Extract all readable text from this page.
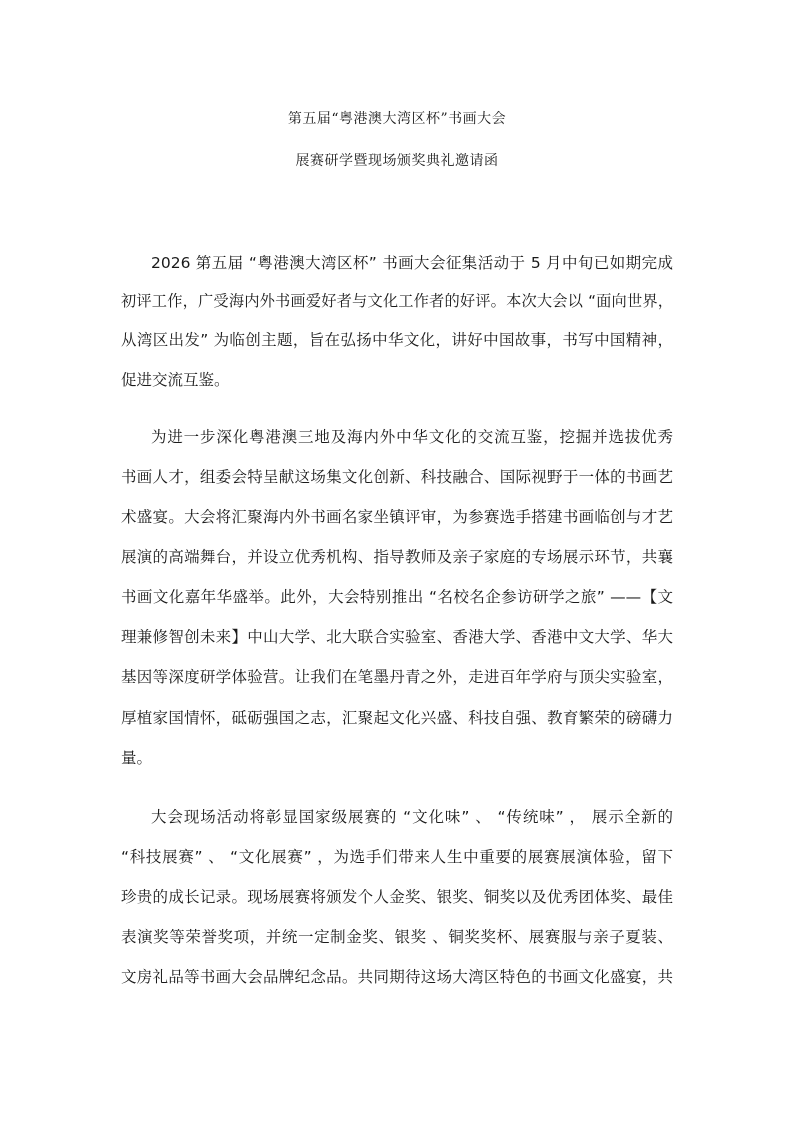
第五届“粤港澳大湾区杯”书画大会
展赛研学暨现场颁奖典礼邀请函
2026 第五届 “粤港澳大湾区杯” 书画大会征集活动于 5 月中旬已如期完成
初评工作，广受海内外书画爱好者与文化工作者的好评。本次大会以 “面向世界，
从湾区出发” 为临创主题，旨在弘扬中华文化，讲好中国故事，书写中国精神，
促进交流互鉴。
为进一步深化粤港澳三地及海内外中华文化的交流互鉴，挖掘并选拔优秀
书画人才，组委会特呈献这场集文化创新、科技融合、国际视野于一体的书画艺
术盛宴。大会将汇聚海内外书画名家坐镇评审，为参赛选手搭建书画临创与才艺
展演的高端舞台，并设立优秀机构、指导教师及亲子家庭的专场展示环节，共襄
书画文化嘉年华盛举。此外，大会特别推出 “名校名企参访研学之旅” ——【文
理兼修智创未来】中山大学、北大联合实验室、香港大学、香港中文大学、华大
基因等深度研学体验营。让我们在笔墨丹青之外，走进百年学府与顶尖实验室，
厚植家国情怀，砥砺强国之志，汇聚起文化兴盛、科技自强、教育繁荣的磅礴力
量。
大会现场活动将彰显国家级展赛的 “文化味” 、 “传统味” ， 展示全新的
“科技展赛” 、 “文化展赛” ，为选手们带来人生中重要的展赛展演体验，留下
珍贵的成长记录。现场展赛将颁发个人金奖、银奖、铜奖以及优秀团体奖、最佳
表演奖等荣誉奖项，并统一定制金奖、银奖 、铜奖奖杯、展赛服与亲子夏装、
文房礼品等书画大会品牌纪念品。共同期待这场大湾区特色的书画文化盛宴，共
